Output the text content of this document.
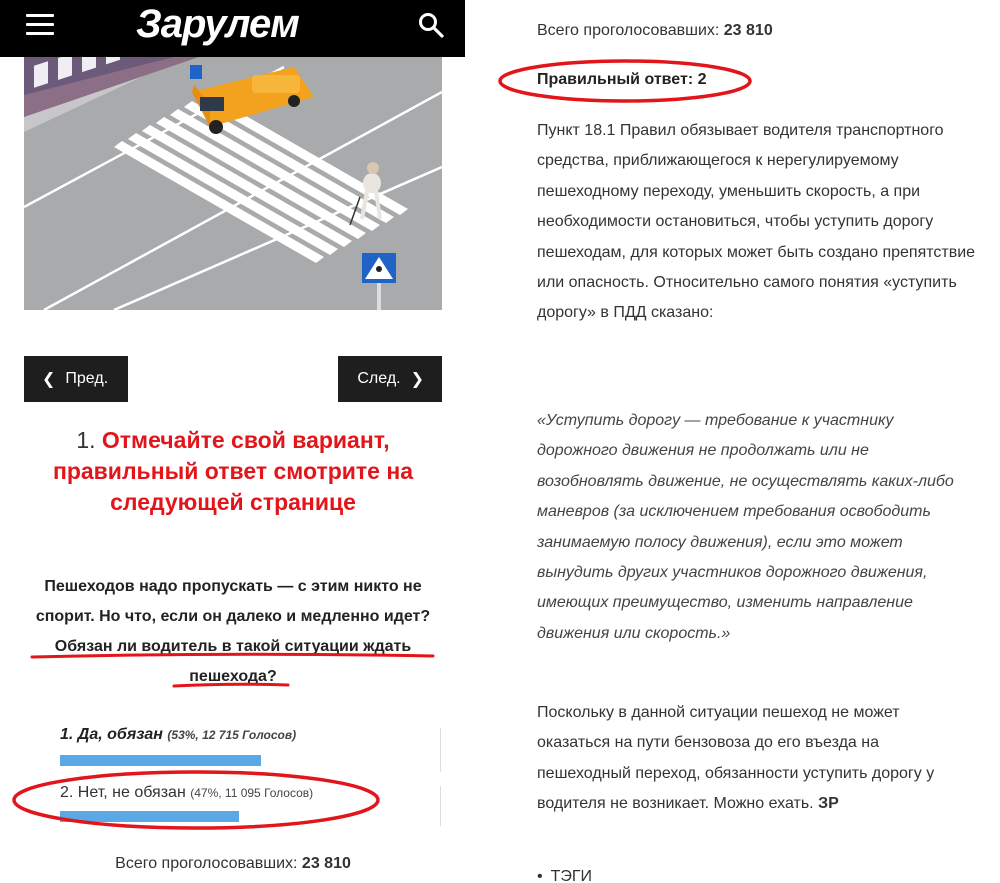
Зарулем
❮ Пред.	След. ❯
1. Отмечайте свой вариант, правильный ответ смотрите на следующей странице
Пешеходов надо пропускать — с этим никто не спорит. Но что, если он далеко и медленно идет?
Обязан ли водитель в такой ситуации ждать пешехода?
1. Да, обязан (53%, 12 715 Голосов)
2. Нет, не обязан (47%, 11 095 Голосов)
Всего проголосовавших: 23 810
Всего проголосовавших: 23 810
Правильный ответ: 2
Пункт 18.1 Правил обязывает водителя транспортного средства, приближающегося к нерегулируемому пешеходному переходу, уменьшить скорость, а при необходимости остановиться, чтобы уступить дорогу пешеходам, для которых может быть создано препятствие или опасность. Относительно самого понятия «уступить дорогу» в ПДД сказано:
«Уступить дорогу — требование к участнику дорожного движения не продолжать или не возобновлять движение, не осуществлять каких-либо маневров (за исключением требования освободить занимаемую полосу движения), если это может вынудить других участников дорожного движения, имеющих преимущество, изменить направление движения или скорость.»
Поскольку в данной ситуации пешеход не может оказаться на пути бензовоза до его въезда на пешеходный переход, обязанности уступить дорогу у водителя не возникает. Можно ехать. ЗР
• ТЭГИ
